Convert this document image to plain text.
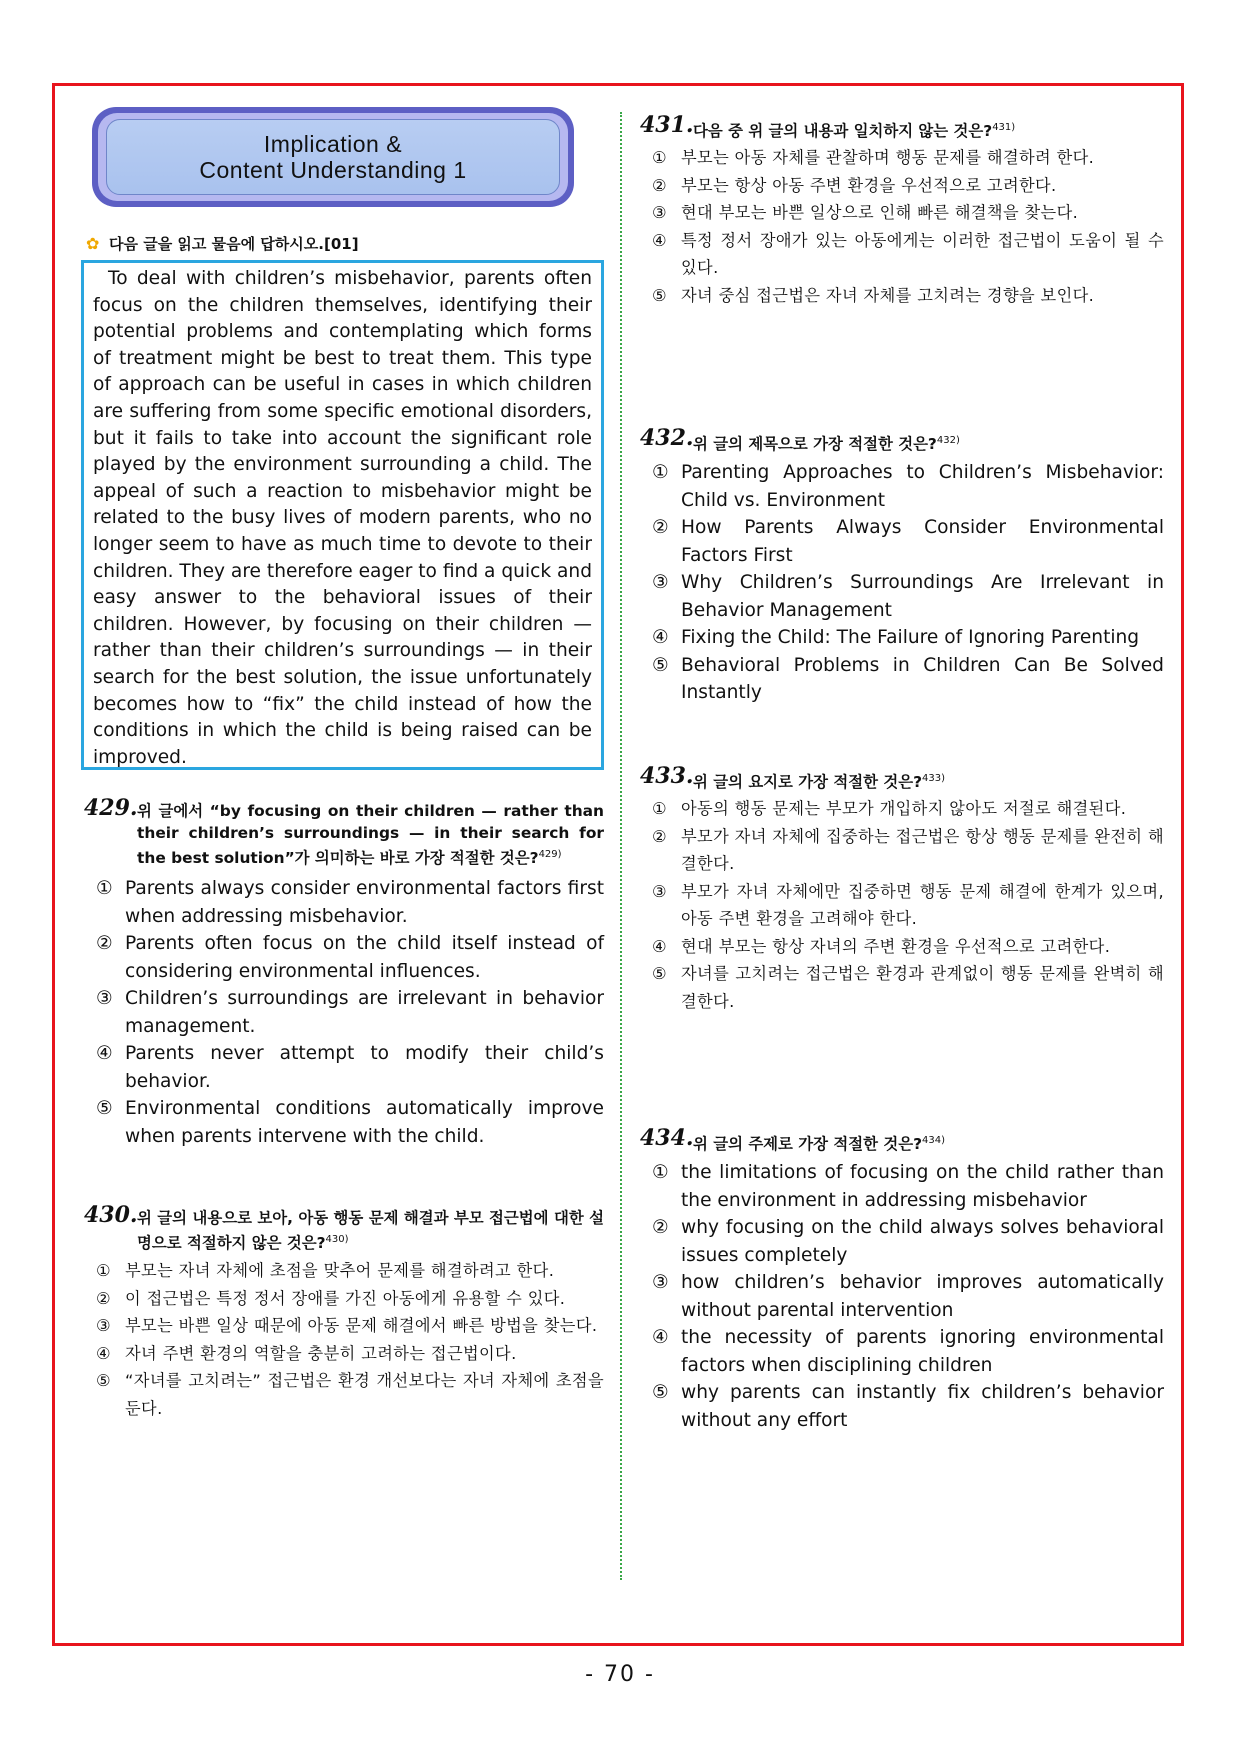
Implication &
Content Understanding 1
✿ 다음 글을 읽고 물음에 답하시오.[01]

To deal with children’s misbehavior, parents often focus on the children themselves, identifying their potential problems and contemplating which forms of treatment might be best to treat them. This type of approach can be useful in cases in which children are suffering from some specific emotional disorders, but it fails to take into account the significant role played by the environment surrounding a child. The appeal of such a reaction to misbehavior might be related to the busy lives of modern parents, who no longer seem to have as much time to devote to their children. They are therefore eager to find a quick and easy answer to the behavioral issues of their children. However, by focusing on their children — rather than their children’s surroundings — in their search for the best solution, the issue unfortunately becomes how to “fix” the child instead of how the conditions in which the child is being raised can be improved.

429. 위 글에서 “by focusing on their children — rather than their children’s surroundings — in their search for the best solution”가 의미하는 바로 가장 적절한 것은?$^{429)}$
① Parents always consider environmental factors first when addressing misbehavior.
② Parents often focus on the child itself instead of considering environmental influences.
③ Children’s surroundings are irrelevant in behavior management.
④ Parents never attempt to modify their child’s behavior.
⑤ Environmental conditions automatically improve when parents intervene with the child.
430. 위 글의 내용으로 보아, 아동 행동 문제 해결과 부모 접근법에 대한 설명으로 적절하지 않은 것은?$^{430)}$
① 부모는 자녀 자체에 초점을 맞추어 문제를 해결하려고 한다.
② 이 접근법은 특정 정서 장애를 가진 아동에게 유용할 수 있다.
③ 부모는 바쁜 일상 때문에 아동 문제 해결에서 빠른 방법을 찾는다.
④ 자녀 주변 환경의 역할을 충분히 고려하는 접근법이다.
⑤ “자녀를 고치려는” 접근법은 환경 개선보다는 자녀 자체에 초점을 둔다.
431. 다음 중 위 글의 내용과 일치하지 않는 것은?$^{431)}$
① 부모는 아동 자체를 관찰하며 행동 문제를 해결하려 한다.
② 부모는 항상 아동 주변 환경을 우선적으로 고려한다.
③ 현대 부모는 바쁜 일상으로 인해 빠른 해결책을 찾는다.
④ 특정 정서 장애가 있는 아동에게는 이러한 접근법이 도움이 될 수 있다.
⑤ 자녀 중심 접근법은 자녀 자체를 고치려는 경향을 보인다.
432. 위 글의 제목으로 가장 적절한 것은?$^{432)}$
① Parenting Approaches to Children’s Misbehavior: Child vs. Environment
② How Parents Always Consider Environmental Factors First
③ Why Children’s Surroundings Are Irrelevant in Behavior Management
④ Fixing the Child: The Failure of Ignoring Parenting
⑤ Behavioral Problems in Children Can Be Solved Instantly
433. 위 글의 요지로 가장 적절한 것은?$^{433)}$
① 아동의 행동 문제는 부모가 개입하지 않아도 저절로 해결된다.
② 부모가 자녀 자체에 집중하는 접근법은 항상 행동 문제를 완전히 해결한다.
③ 부모가 자녀 자체에만 집중하면 행동 문제 해결에 한계가 있으며, 아동 주변 환경을 고려해야 한다.
④ 현대 부모는 항상 자녀의 주변 환경을 우선적으로 고려한다.
⑤ 자녀를 고치려는 접근법은 환경과 관계없이 행동 문제를 완벽히 해결한다.
434. 위 글의 주제로 가장 적절한 것은?$^{434)}$
① the limitations of focusing on the child rather than the environment in addressing misbehavior
② why focusing on the child always solves behavioral issues completely
③ how children’s behavior improves automatically without parental intervention
④ the necessity of parents ignoring environmental factors when disciplining children
⑤ why parents can instantly fix children’s behavior without any effort
- 70 -
